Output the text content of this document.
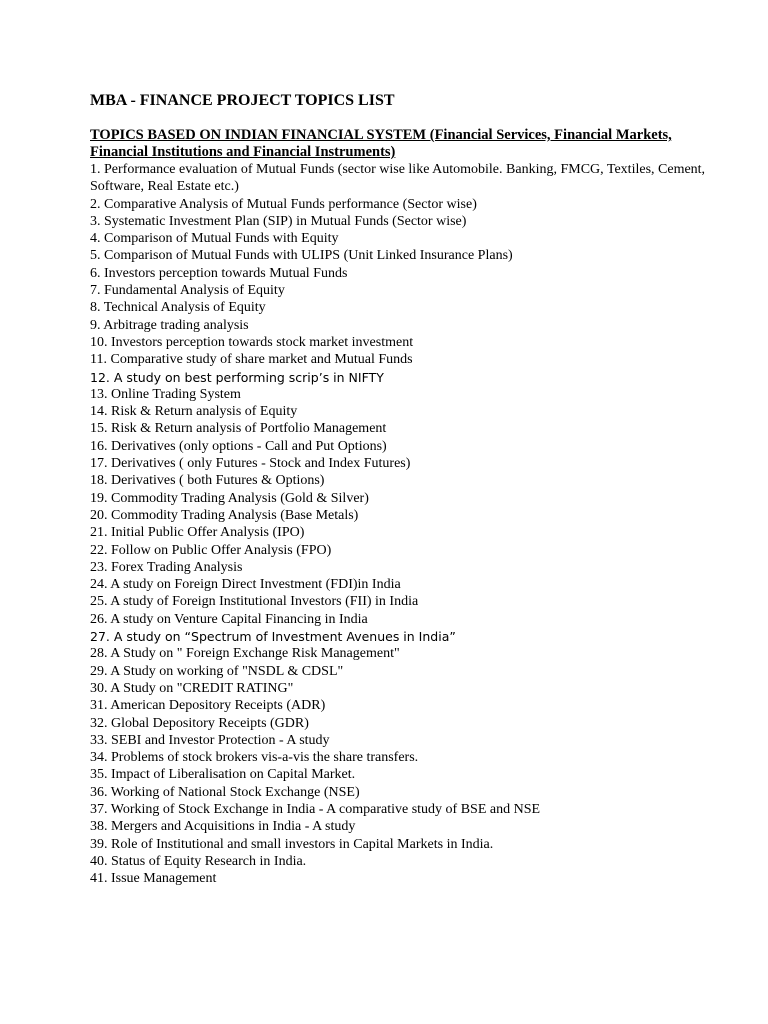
MBA - FINANCE PROJECT TOPICS LIST
TOPICS BASED ON INDIAN FINANCIAL SYSTEM (Financial Services, Financial Markets, Financial Institutions and Financial Instruments)
1. Performance evaluation of Mutual Funds (sector wise like Automobile. Banking, FMCG, Textiles, Cement, Software, Real Estate etc.)
2. Comparative Analysis of Mutual Funds performance (Sector wise)
3. Systematic Investment Plan (SIP) in Mutual Funds (Sector wise)
4. Comparison of Mutual Funds with Equity
5. Comparison of Mutual Funds with ULIPS (Unit Linked Insurance Plans)
6. Investors perception towards Mutual Funds
7. Fundamental Analysis of Equity
8. Technical Analysis of Equity
9. Arbitrage trading analysis
10. Investors perception towards stock market investment
11. Comparative study of share market and Mutual Funds
12. A study on best performing scrip’s in NIFTY
13. Online Trading System
14. Risk & Return analysis of Equity
15. Risk & Return analysis of Portfolio Management
16. Derivatives (only options - Call and Put Options)
17. Derivatives ( only Futures - Stock and Index Futures)
18. Derivatives ( both Futures & Options)
19. Commodity Trading Analysis (Gold & Silver)
20. Commodity Trading Analysis (Base Metals)
21. Initial Public Offer Analysis (IPO)
22. Follow on Public Offer Analysis (FPO)
23. Forex Trading Analysis
24. A study on Foreign Direct Investment (FDI)in India
25. A study of Foreign Institutional Investors (FII) in India
26. A study on Venture Capital Financing in India
27. A study on “Spectrum of Investment Avenues in India”
28. A Study on " Foreign Exchange Risk Management"
29. A Study on working of "NSDL & CDSL"
30. A Study on "CREDIT RATING"
31. American Depository Receipts (ADR)
32. Global Depository Receipts (GDR)
33. SEBI and Investor Protection - A study
34. Problems of stock brokers vis-a-vis the share transfers.
35. Impact of Liberalisation on Capital Market.
36. Working of National Stock Exchange (NSE)
37. Working of Stock Exchange in India - A comparative study of BSE and NSE
38. Mergers and Acquisitions in India - A study
39. Role of Institutional and small investors in Capital Markets in India.
40. Status of Equity Research in India.
41. Issue Management
